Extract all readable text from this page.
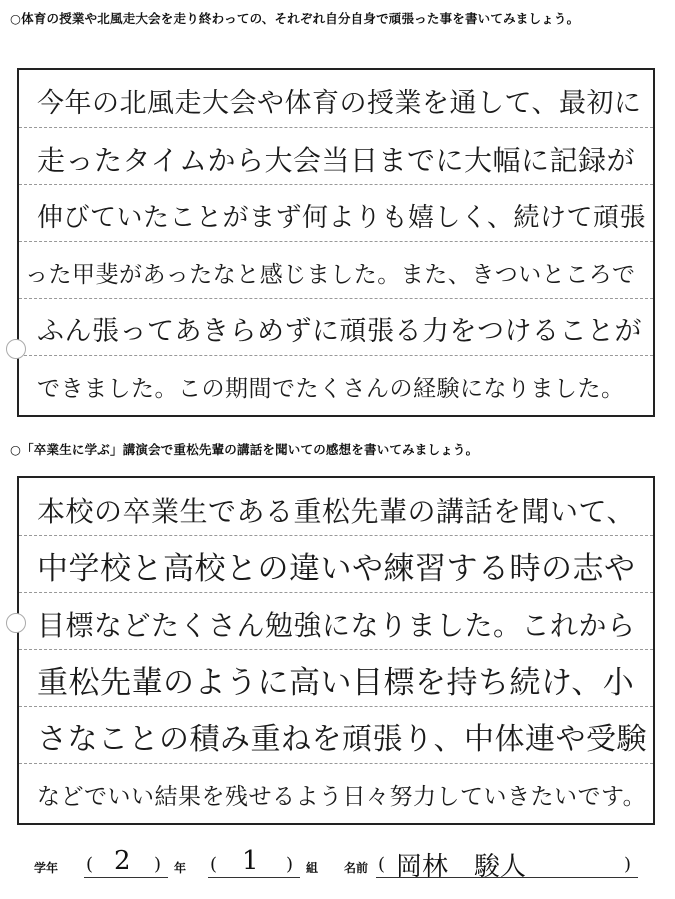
○体育の授業や北風走大会を走り終わっての、それぞれ自分自身で頑張った事を書いてみましょう。
今年の北風走大会や体育の授業を通して、最初に
走ったタイムから大会当日までに大幅に記録が
伸びていたことがまず何よりも嬉しく、続けて頑張
った甲斐があったなと感じました。また、きついところで
ふん張ってあきらめずに頑張る力をつけることが
できました。この期間でたくさんの経験になりました。
○「卒業生に学ぶ」講演会で重松先輩の講話を聞いての感想を書いてみましょう。
本校の卒業生である重松先輩の講話を聞いて、
中学校と高校との違いや練習する時の志や
目標などたくさん勉強になりました。これから
重松先輩のように高い目標を持ち続け、小
さなことの積み重ねを頑張り、中体連や受験
などでいい結果を残せるよう日々努力していきたいです。
学年 ( 2 ) 年 ( 1 ) 組 名前 ( 岡林　駿人	)
